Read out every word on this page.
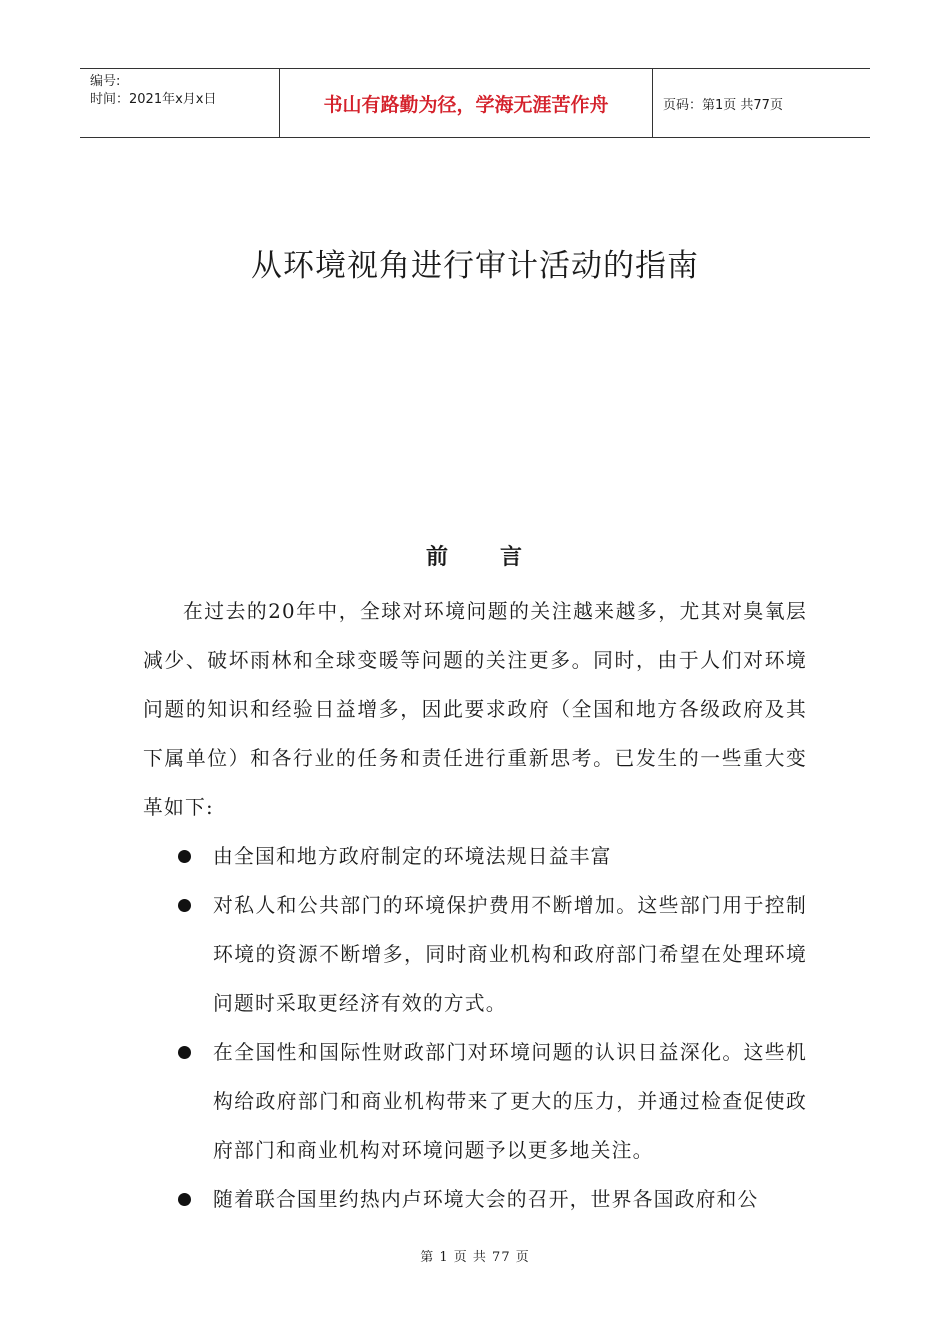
编号:
时间：2021年x月x日	书山有路勤为径，学海无涯苦作舟	页码：第1页 共77页
从环境视角进行审计活动的指南
前 言

在过去的20年中，全球对环境问题的关注越来越多，尤其对臭氧层减少、破坏雨林和全球变暖等问题的关注更多。同时，由于人们对环境问题的知识和经验日益增多，因此要求政府（全国和地方各级政府及其下属单位）和各行业的任务和责任进行重新思考。已发生的一些重大变革如下:

由全国和地方政府制定的环境法规日益丰富
对私人和公共部门的环境保护费用不断增加。这些部门用于控制环境的资源不断增多，同时商业机构和政府部门希望在处理环境问题时采取更经济有效的方式。
在全国性和国际性财政部门对环境问题的认识日益深化。这些机构给政府部门和商业机构带来了更大的压力，并通过检查促使政府部门和商业机构对环境问题予以更多地关注。
随着联合国里约热内卢环境大会的召开，世界各国政府和公
第 1 页 共 77 页
